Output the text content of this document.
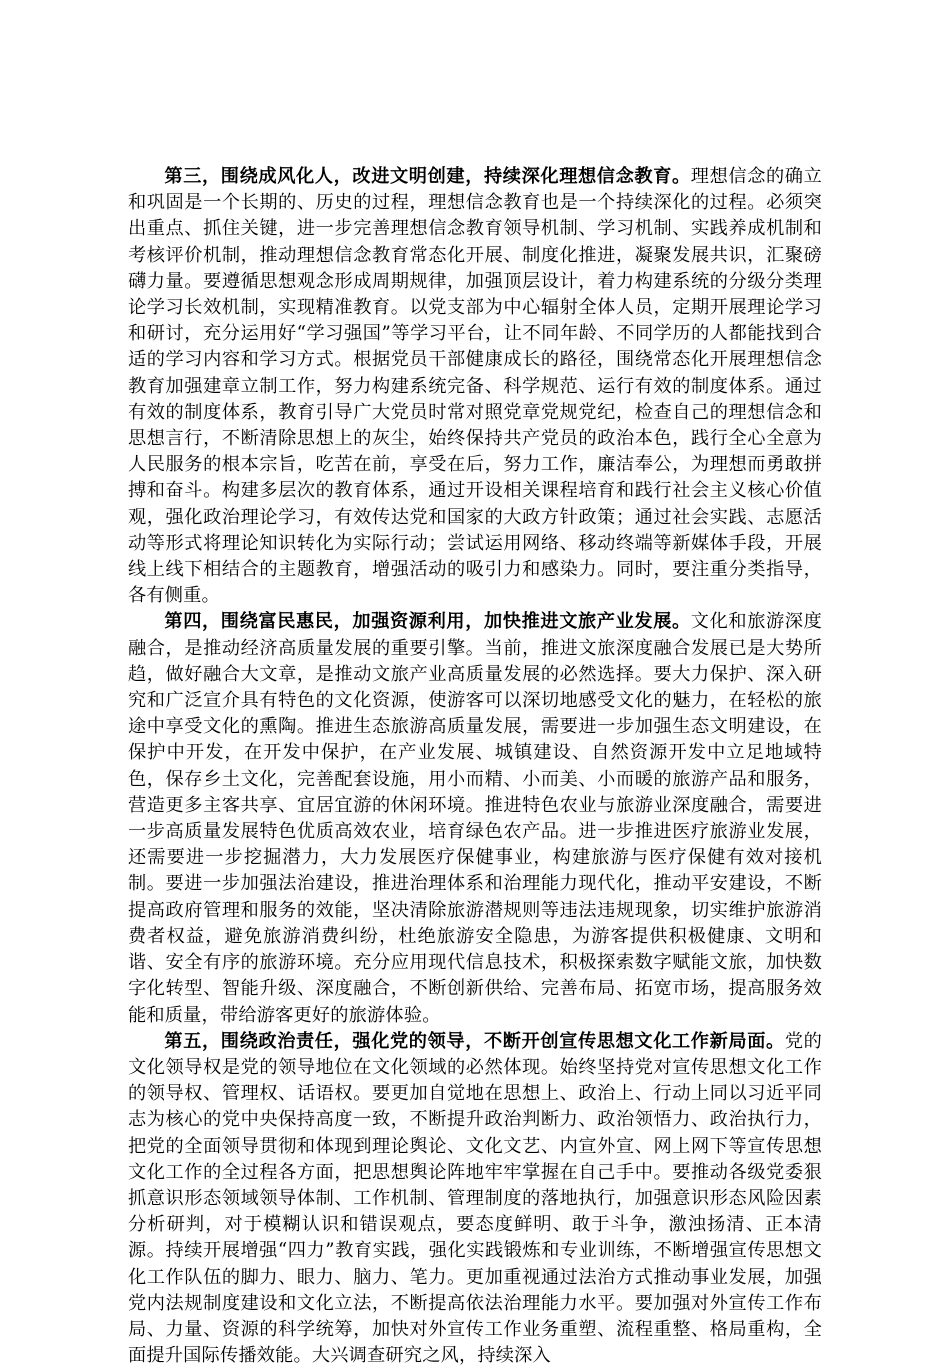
第三，围绕成风化人，改进文明创建，持续深化理想信念教育。理想信念的确立和巩固是一个长期的、历史的过程，理想信念教育也是一个持续深化的过程。必须突出重点、抓住关键，进一步完善理想信念教育领导机制、学习机制、实践养成机制和考核评价机制，推动理想信念教育常态化开展、制度化推进，凝聚发展共识，汇聚磅礴力量。要遵循思想观念形成周期规律，加强顶层设计，着力构建系统的分级分类理论学习长效机制，实现精准教育。以党支部为中心辐射全体人员，定期开展理论学习和研讨，充分运用好“学习强国”等学习平台，让不同年龄、不同学历的人都能找到合适的学习内容和学习方式。根据党员干部健康成长的路径，围绕常态化开展理想信念教育加强建章立制工作，努力构建系统完备、科学规范、运行有效的制度体系。通过有效的制度体系，教育引导广大党员时常对照党章党规党纪，检查自己的理想信念和思想言行，不断清除思想上的灰尘，始终保持共产党员的政治本色，践行全心全意为人民服务的根本宗旨，吃苦在前，享受在后，努力工作，廉洁奉公，为理想而勇敢拼搏和奋斗。构建多层次的教育体系，通过开设相关课程培育和践行社会主义核心价值观，强化政治理论学习，有效传达党和国家的大政方针政策；通过社会实践、志愿活动等形式将理论知识转化为实际行动；尝试运用网络、移动终端等新媒体手段，开展线上线下相结合的主题教育，增强活动的吸引力和感染力。同时，要注重分类指导，各有侧重。

第四，围绕富民惠民，加强资源利用，加快推进文旅产业发展。文化和旅游深度融合，是推动经济高质量发展的重要引擎。当前，推进文旅深度融合发展已是大势所趋，做好融合大文章，是推动文旅产业高质量发展的必然选择。要大力保护、深入研究和广泛宣介具有特色的文化资源，使游客可以深切地感受文化的魅力，在轻松的旅途中享受文化的熏陶。推进生态旅游高质量发展，需要进一步加强生态文明建设，在保护中开发，在开发中保护，在产业发展、城镇建设、自然资源开发中立足地域特色，保存乡土文化，完善配套设施，用小而精、小而美、小而暖的旅游产品和服务，营造更多主客共享、宜居宜游的休闲环境。推进特色农业与旅游业深度融合，需要进一步高质量发展特色优质高效农业，培育绿色农产品。进一步推进医疗旅游业发展，还需要进一步挖掘潜力，大力发展医疗保健事业，构建旅游与医疗保健有效对接机制。要进一步加强法治建设，推进治理体系和治理能力现代化，推动平安建设，不断提高政府管理和服务的效能，坚决清除旅游潜规则等违法违规现象，切实维护旅游消费者权益，避免旅游消费纠纷，杜绝旅游安全隐患，为游客提供积极健康、文明和谐、安全有序的旅游环境。充分应用现代信息技术，积极探索数字赋能文旅，加快数字化转型、智能升级、深度融合，不断创新供给、完善布局、拓宽市场，提高服务效能和质量，带给游客更好的旅游体验。

第五，围绕政治责任，强化党的领导，不断开创宣传思想文化工作新局面。党的文化领导权是党的领导地位在文化领域的必然体现。始终坚持党对宣传思想文化工作的领导权、管理权、话语权。要更加自觉地在思想上、政治上、行动上同以习近平同志为核心的党中央保持高度一致，不断提升政治判断力、政治领悟力、政治执行力，把党的全面领导贯彻和体现到理论舆论、文化文艺、内宣外宣、网上网下等宣传思想文化工作的全过程各方面，把思想舆论阵地牢牢掌握在自己手中。要推动各级党委狠抓意识形态领域领导体制、工作机制、管理制度的落地执行，加强意识形态风险因素分析研判，对于模糊认识和错误观点，要态度鲜明、敢于斗争，激浊扬清、正本清源。持续开展增强“四力”教育实践，强化实践锻炼和专业训练，不断增强宣传思想文化工作队伍的脚力、眼力、脑力、笔力。更加重视通过法治方式推动事业发展，加强党内法规制度建设和文化立法，不断提高依法治理能力水平。要加强对外宣传工作布局、力量、资源的科学统筹，加快对外宣传工作业务重塑、流程重整、格局重构，全面提升国际传播效能。大兴调查研究之风，持续深入
